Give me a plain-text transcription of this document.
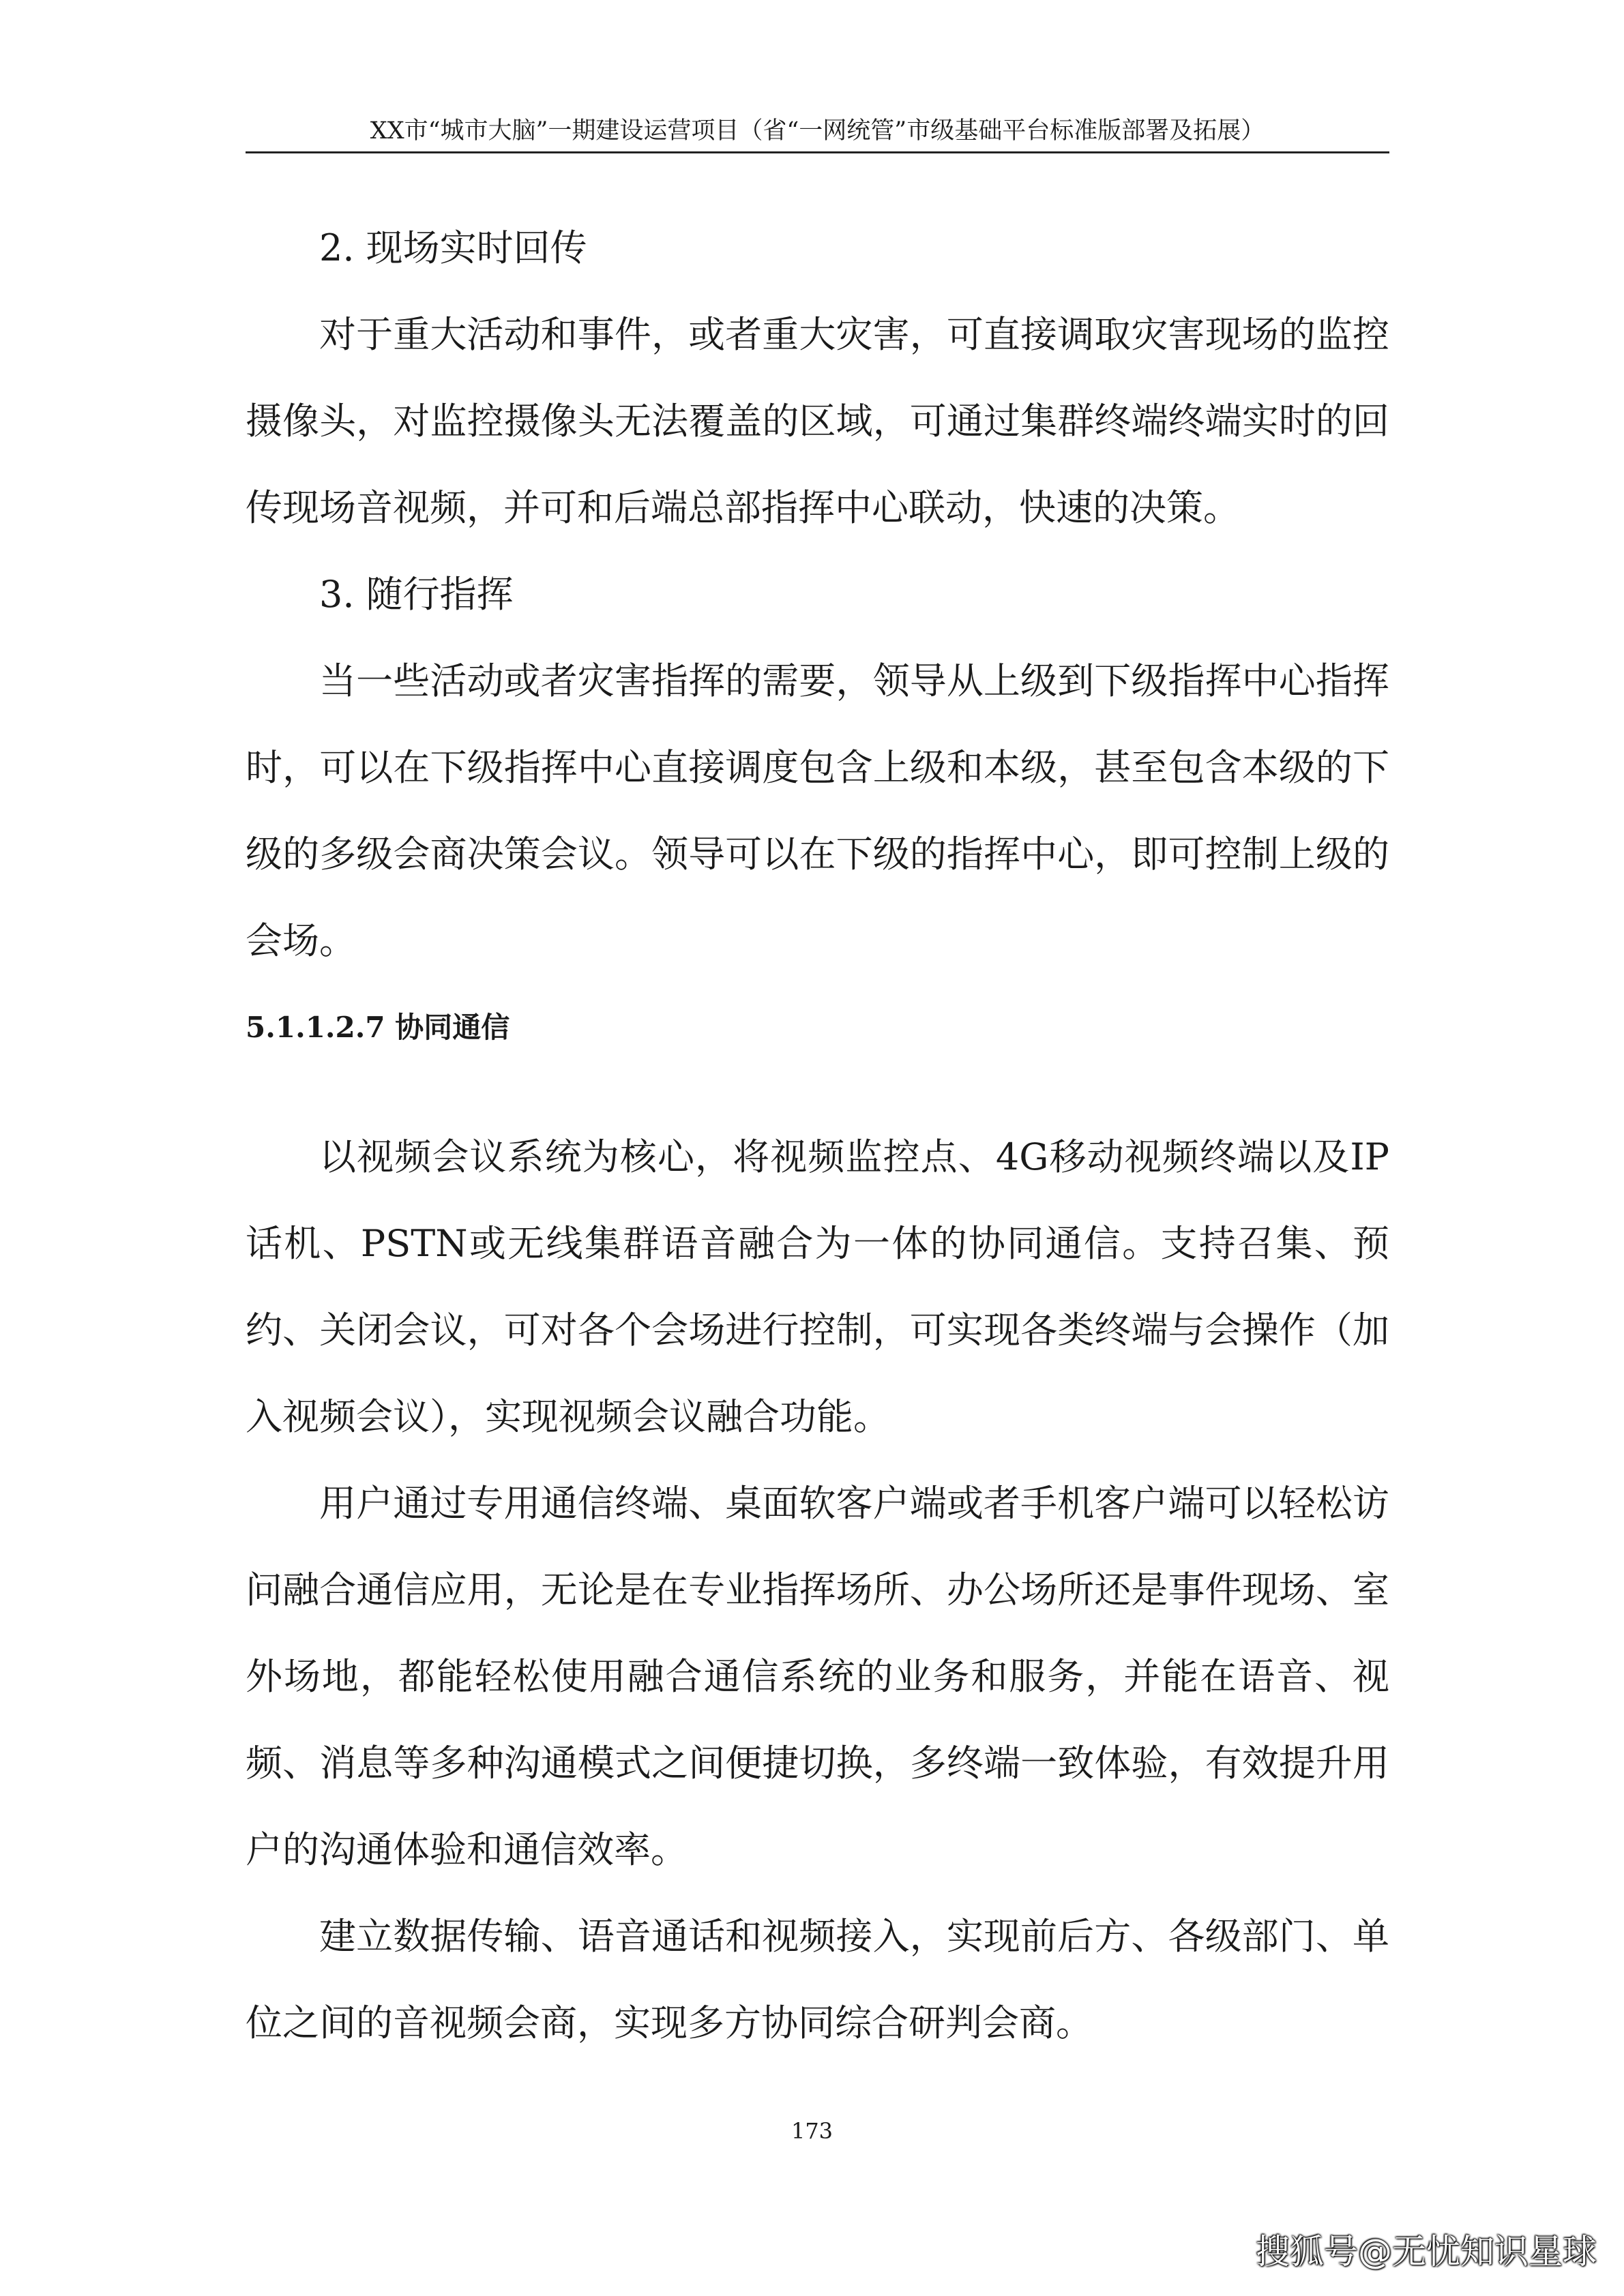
XX市“城市大脑”一期建设运营项目（省“一网统管”市级基础平台标准版部署及拓展）

2. 现场实时回传

对于重大活动和事件，或者重大灾害，可直接调取灾害现场的监控摄像头，对监控摄像头无法覆盖的区域，可通过集群终端终端实时的回传现场音视频，并可和后端总部指挥中心联动，快速的决策。

3. 随行指挥

当一些活动或者灾害指挥的需要，领导从上级到下级指挥中心指挥时，可以在下级指挥中心直接调度包含上级和本级，甚至包含本级的下级的多级会商决策会议。领导可以在下级的指挥中心，即可控制上级的会场。

5.1.1.2.7 协同通信

以视频会议系统为核心，将视频监控点、4G移动视频终端以及IP话机、PSTN或无线集群语音融合为一体的协同通信。支持召集、预约、关闭会议，可对各个会场进行控制，可实现各类终端与会操作（加入视频会议），实现视频会议融合功能。

用户通过专用通信终端、桌面软客户端或者手机客户端可以轻松访问融合通信应用，无论是在专业指挥场所、办公场所还是事件现场、室外场地，都能轻松使用融合通信系统的业务和服务，并能在语音、视频、消息等多种沟通模式之间便捷切换，多终端一致体验，有效提升用户的沟通体验和通信效率。

建立数据传输、语音通话和视频接入，实现前后方、各级部门、单位之间的音视频会商，实现多方协同综合研判会商。

173
搜狐号@无忧知识星球
